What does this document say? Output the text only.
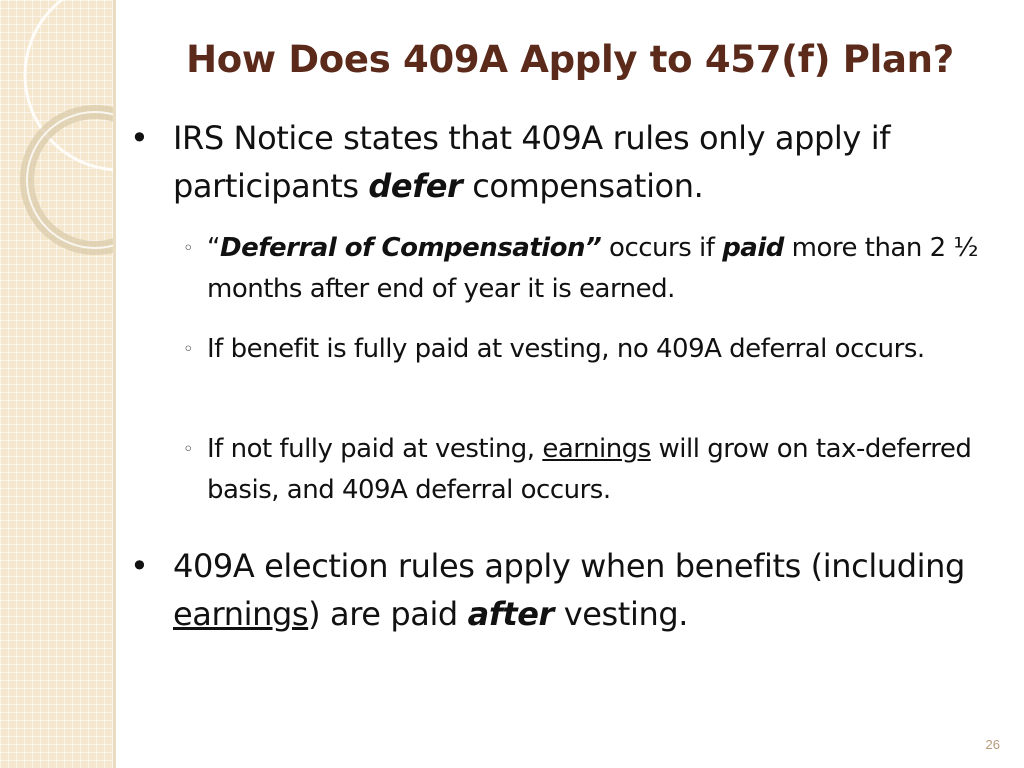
How Does 409A Apply to 457(f) Plan?
• IRS Notice states that 409A rules only apply if participants defer compensation.
◦ “Deferral of Compensation” occurs if paid more than 2 ½ months after end of year it is earned.
◦ If benefit is fully paid at vesting, no 409A deferral occurs.
◦ If not fully paid at vesting, earnings will grow on tax-deferred basis, and 409A deferral occurs.
• 409A election rules apply when benefits (including earnings) are paid after vesting.
26
